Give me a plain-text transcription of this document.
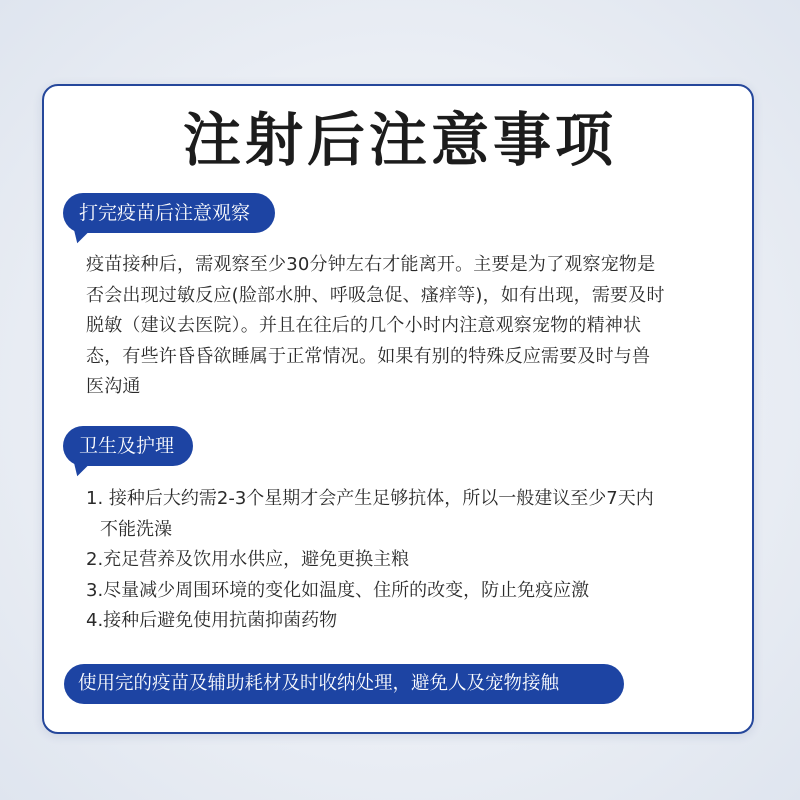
注射后注意事项
打完疫苗后注意观察
疫苗接种后，需观察至少30分钟左右才能离开。主要是为了观察宠物是
否会出现过敏反应(脸部水肿、呼吸急促、瘙痒等)，如有出现，需要及时
脱敏（建议去医院）。并且在往后的几个小时内注意观察宠物的精神状
态，有些许昏昏欲睡属于正常情况。如果有别的特殊反应需要及时与兽
医沟通
卫生及护理
1. 接种后大约需2-3个星期才会产生足够抗体，所以一般建议至少7天内
不能洗澡
2.充足营养及饮用水供应，避免更换主粮
3.尽量减少周围环境的变化如温度、住所的改变，防止免疫应激
4.接种后避免使用抗菌抑菌药物
使用完的疫苗及辅助耗材及时收纳处理，避免人及宠物接触
